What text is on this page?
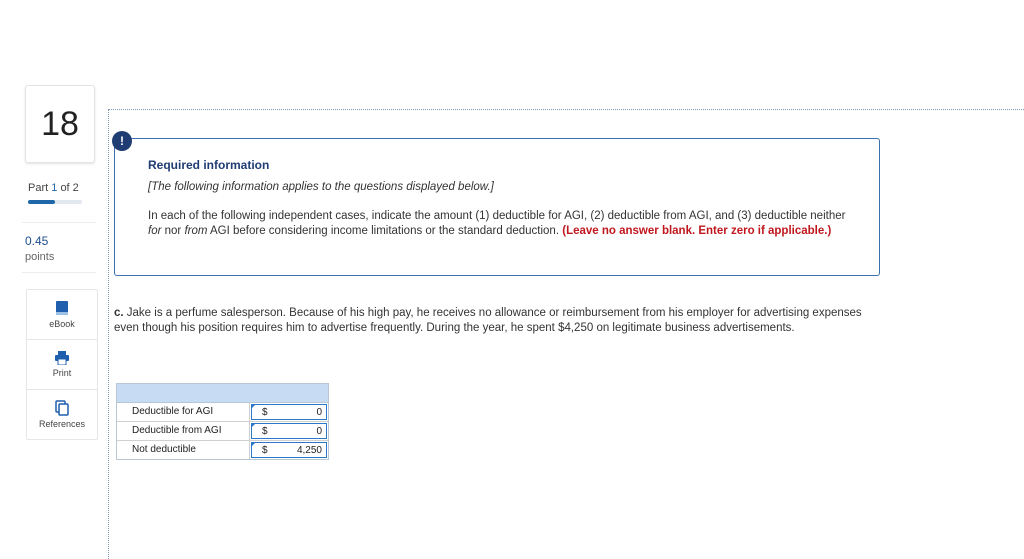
18
Part 1 of 2
0.45
points
eBook
Print
References
!
Required information
[The following information applies to the questions displayed below.]
In each of the following independent cases, indicate the amount (1) deductible for AGI, (2) deductible from AGI, and (3) deductible neither for nor from AGI before considering income limitations or the standard deduction. (Leave no answer blank. Enter zero if applicable.)
c. Jake is a perfume salesperson. Because of his high pay, he receives no allowance or reimbursement from his employer for advertising expenses even though his position requires him to advertise frequently. During the year, he spent $4,250 on legitimate business advertisements.
Deductible for AGI	$	0
Deductible from AGI	$	0
Not deductible	$	4,250
